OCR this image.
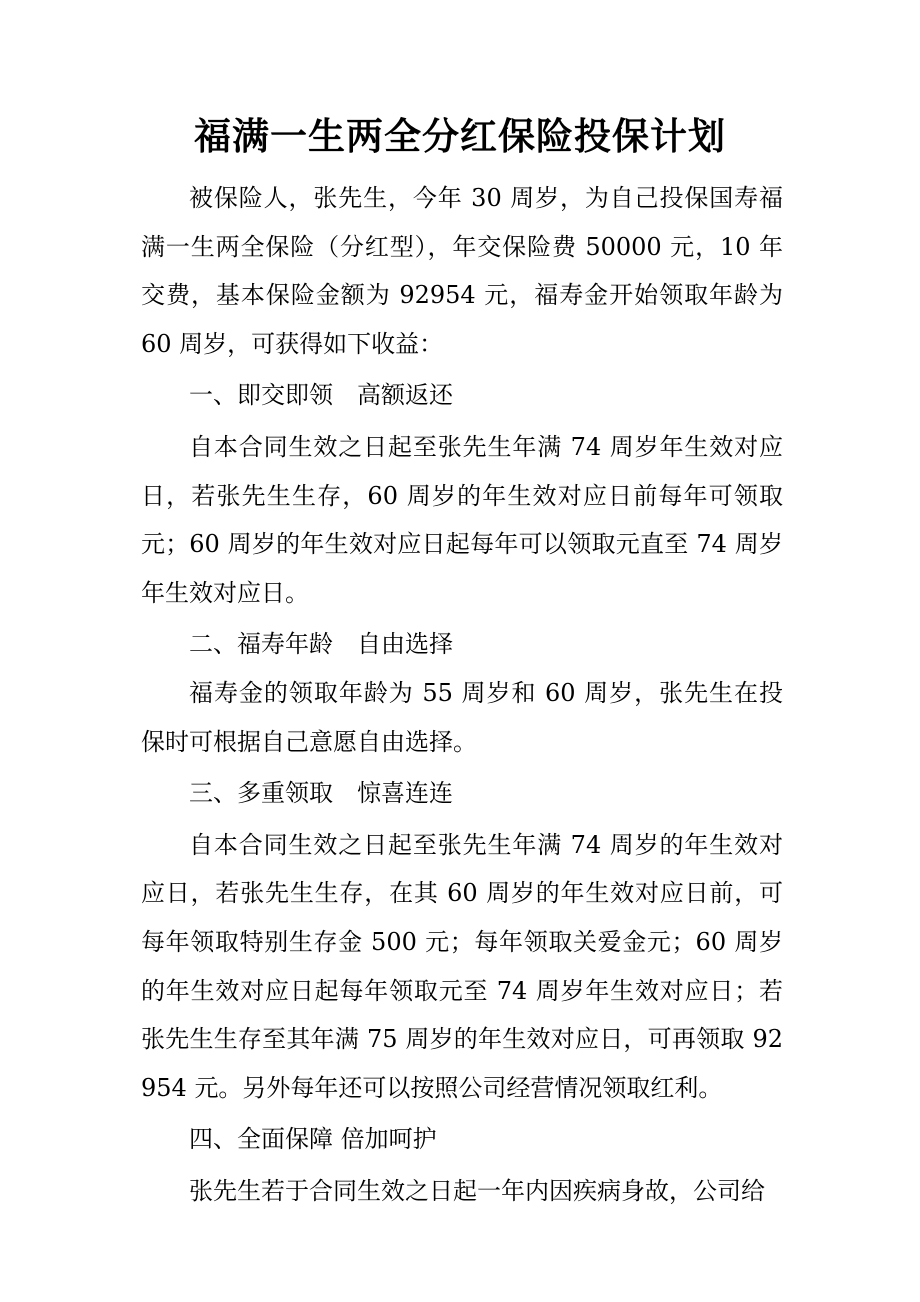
福满一生两全分红保险投保计划

被保险人，张先生，今年 30 周岁，为自己投保国寿福满一生两全保险（分红型），年交保险费 50000 元，10 年交费，基本保险金额为 92954 元，福寿金开始领取年龄为 60 周岁，可获得如下收益：

一、即交即领　高额返还

自本合同生效之日起至张先生年满 74 周岁年生效对应日，若张先生生存，60 周岁的年生效对应日前每年可领取元；60 周岁的年生效对应日起每年可以领取元直至 74 周岁年生效对应日。

二、福寿年龄　自由选择

福寿金的领取年龄为 55 周岁和 60 周岁，张先生在投保时可根据自己意愿自由选择。

三、多重领取　惊喜连连

自本合同生效之日起至张先生年满 74 周岁的年生效对应日，若张先生生存，在其 60 周岁的年生效对应日前，可每年领取特别生存金 500 元；每年领取关爱金元；60 周岁的年生效对应日起每年领取元至 74 周岁年生效对应日；若张先生生存至其年满 75 周岁的年生效对应日，可再领取 92954 元。另外每年还可以按照公司经营情况领取红利。

四、全面保障 倍加呵护

张先生若于合同生效之日起一年内因疾病身故，公司给
